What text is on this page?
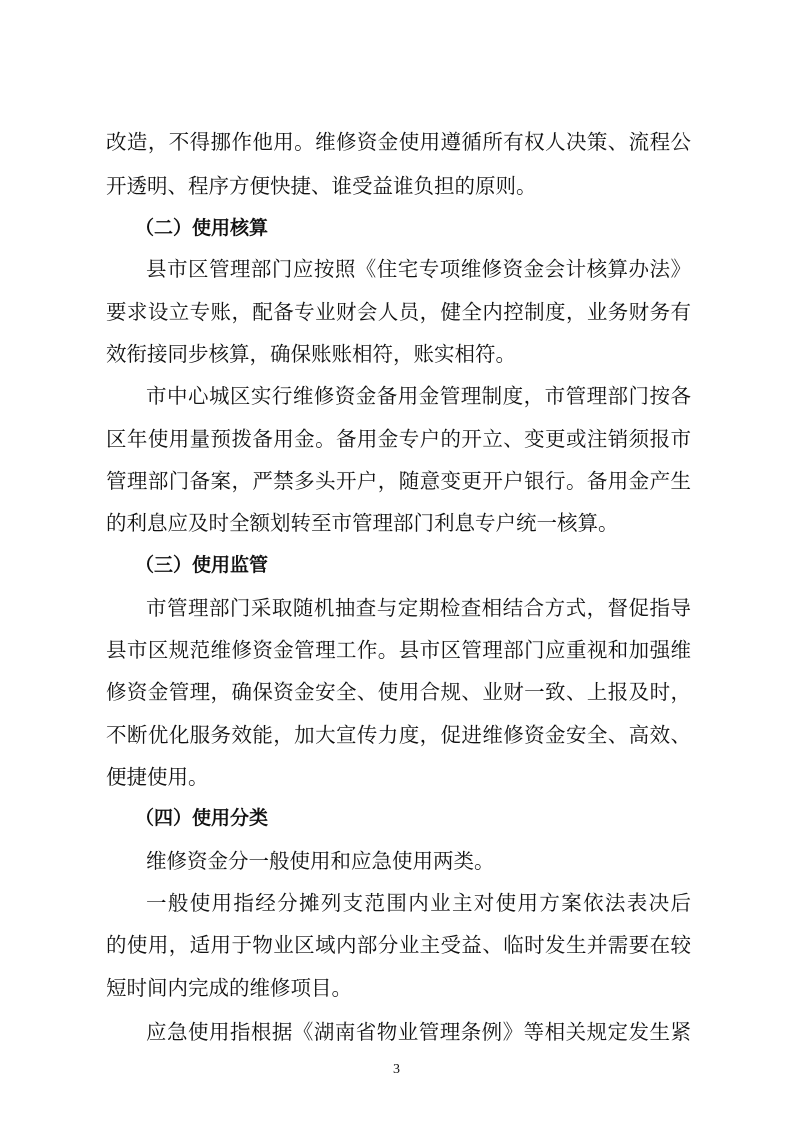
改造，不得挪作他用。维修资金使用遵循所有权人决策、流程公
开透明、程序方便快捷、谁受益谁负担的原则。
（二）使用核算
县市区管理部门应按照《住宅专项维修资金会计核算办法》
要求设立专账，配备专业财会人员，健全内控制度，业务财务有
效衔接同步核算，确保账账相符，账实相符。
市中心城区实行维修资金备用金管理制度，市管理部门按各
区年使用量预拨备用金。备用金专户的开立、变更或注销须报市
管理部门备案，严禁多头开户，随意变更开户银行。备用金产生
的利息应及时全额划转至市管理部门利息专户统一核算。
（三）使用监管
市管理部门采取随机抽查与定期检查相结合方式，督促指导
县市区规范维修资金管理工作。县市区管理部门应重视和加强维
修资金管理，确保资金安全、使用合规、业财一致、上报及时，
不断优化服务效能，加大宣传力度，促进维修资金安全、高效、
便捷使用。
（四）使用分类
维修资金分一般使用和应急使用两类。
一般使用指经分摊列支范围内业主对使用方案依法表决后
的使用，适用于物业区域内部分业主受益、临时发生并需要在较
短时间内完成的维修项目。
应急使用指根据《湖南省物业管理条例》等相关规定发生紧
3
